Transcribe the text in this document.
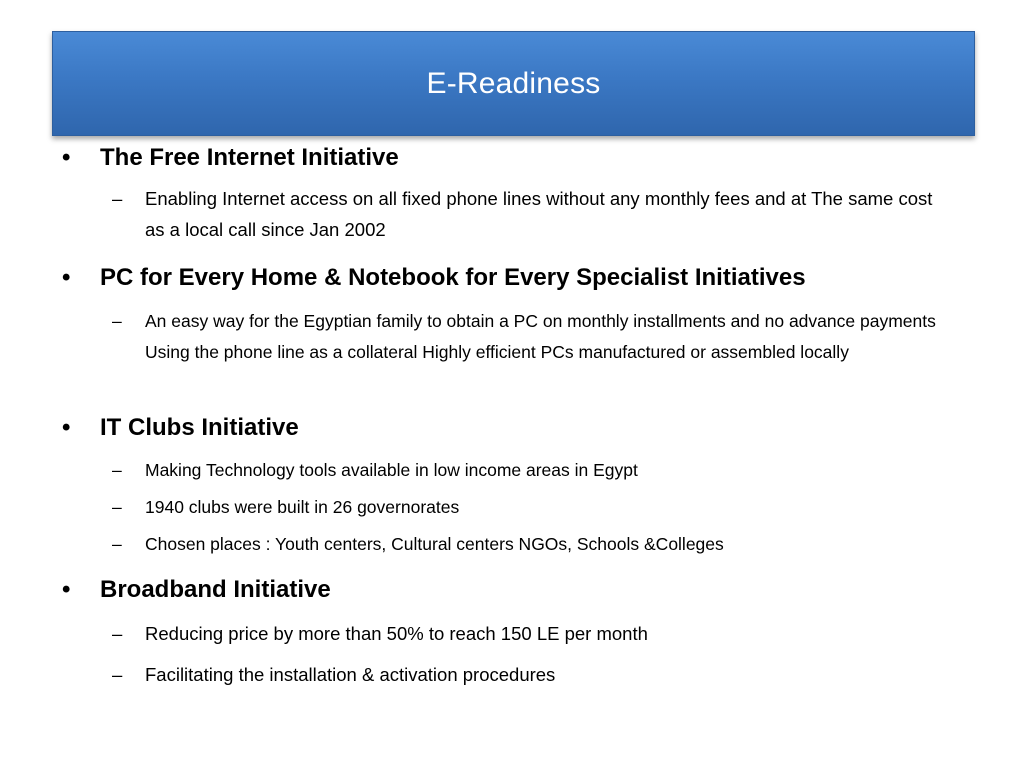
E-Readiness
• The Free Internet Initiative
– Enabling Internet access on all fixed phone lines without any monthly fees and at The same cost as a local call since Jan 2002
• PC for Every Home & Notebook for Every Specialist Initiatives
– An easy way for the Egyptian family to obtain a PC on monthly installments and no advance payments Using the phone line as a collateral Highly efficient PCs manufactured or assembled locally
• IT Clubs Initiative
– Making Technology tools available in low income areas in Egypt
– 1940 clubs were built in 26 governorates
– Chosen places : Youth centers, Cultural centers NGOs, Schools &Colleges
• Broadband Initiative
– Reducing price by more than 50% to reach 150 LE per month
– Facilitating the installation & activation procedures
